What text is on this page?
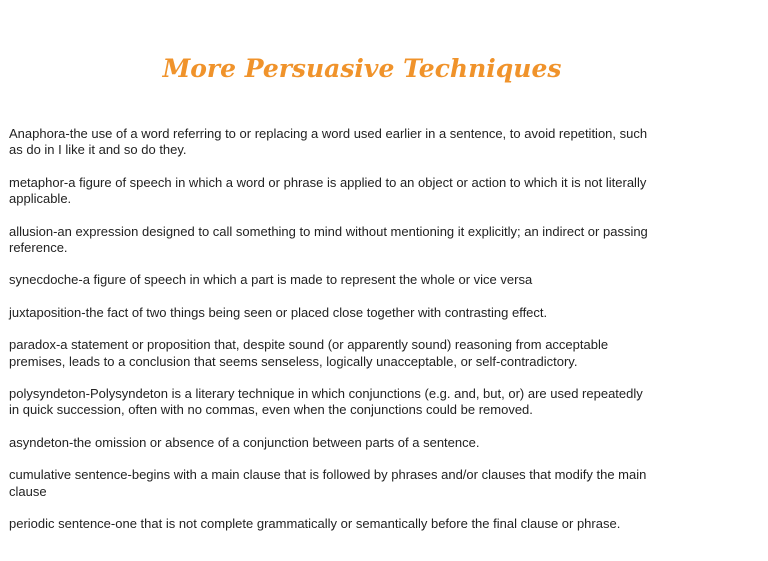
More Persuasive Techniques

Anaphora-the use of a word referring to or replacing a word used earlier in a sentence, to avoid repetition, such as do in I like it and so do they.

metaphor-a figure of speech in which a word or phrase is applied to an object or action to which it is not literally applicable.

allusion-an expression designed to call something to mind without mentioning it explicitly; an indirect or passing reference.

synecdoche-a figure of speech in which a part is made to represent the whole or vice versa

juxtaposition-the fact of two things being seen or placed close together with contrasting effect.

paradox-a statement or proposition that, despite sound (or apparently sound) reasoning from acceptable premises, leads to a conclusion that seems senseless, logically unacceptable, or self-contradictory.

polysyndeton-Polysyndeton is a literary technique in which conjunctions (e.g. and, but, or) are used repeatedly in quick succession, often with no commas, even when the conjunctions could be removed.

asyndeton-the omission or absence of a conjunction between parts of a sentence.

cumulative sentence-begins with a main clause that is followed by phrases and/or clauses that modify the main clause

periodic sentence-one that is not complete grammatically or semantically before the final clause or phrase.
